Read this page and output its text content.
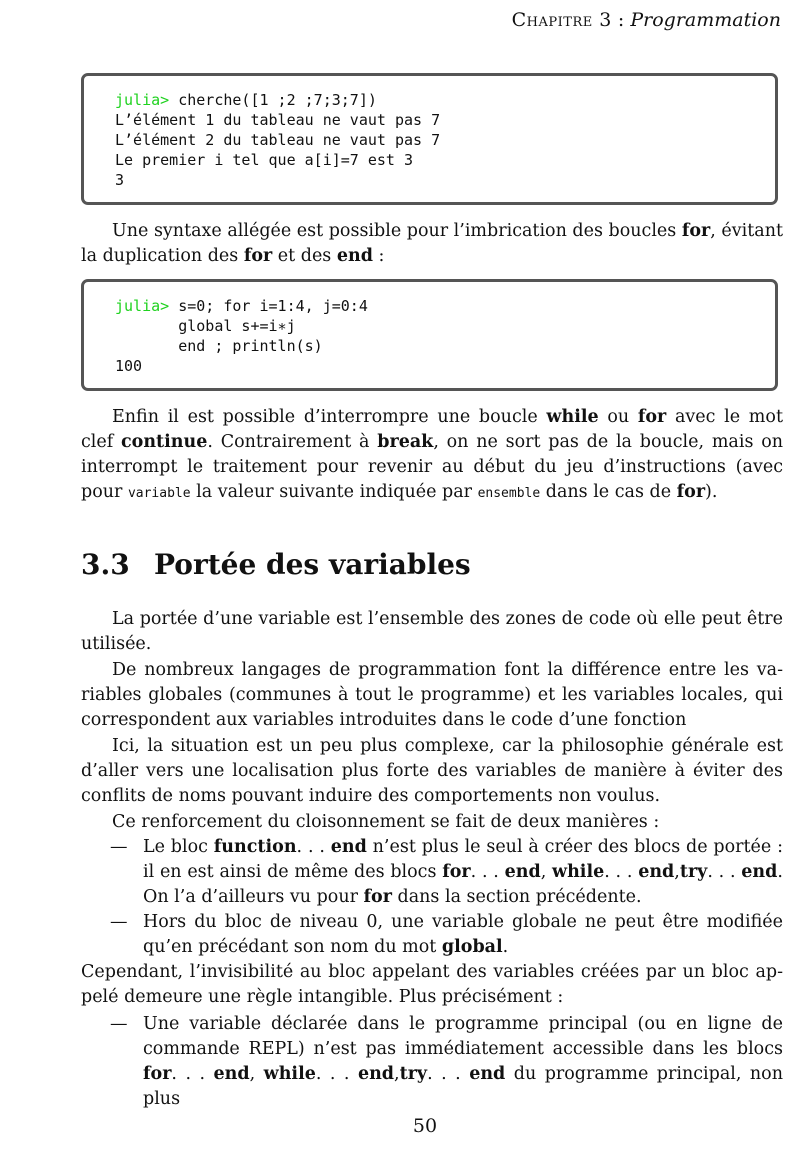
Chapitre 3 : Programmation
julia> cherche([1 ;2 ;7;3;7])
L’élément 1 du tableau ne vaut pas 7
L’élément 2 du tableau ne vaut pas 7
Le premier i tel que a[i]=7 est 3
3
Une syntaxe allégée est possible pour l’imbrication des boucles for, évitant
la duplication des for et des end :
julia> s=0; for i=1:4, j=0:4
global s+=i∗j
end ; println(s)
100
Enfin il est possible d’interrompre une boucle while ou for avec le mot
clef continue. Contrairement à break, on ne sort pas de la boucle, mais on
interrompt le traitement pour revenir au début du jeu d’instructions (avec
pour variable la valeur suivante indiquée par ensemble dans le cas de for).
3.3 Portée des variables
La portée d’une variable est l’ensemble des zones de code où elle peut être
utilisée.
De nombreux langages de programmation font la différence entre les va-
riables globales (communes à tout le programme) et les variables locales, qui
correspondent aux variables introduites dans le code d’une fonction
Ici, la situation est un peu plus complexe, car la philosophie générale est
d’aller vers une localisation plus forte des variables de manière à éviter des
conflits de noms pouvant induire des comportements non voulus.
Ce renforcement du cloisonnement se fait de deux manières :
— Le bloc function. . . end n’est plus le seul à créer des blocs de portée :
il en est ainsi de même des blocs for. . . end, while. . . end,try. . . end.
On l’a d’ailleurs vu pour for dans la section précédente.
— Hors du bloc de niveau 0, une variable globale ne peut être modifiée
qu’en précédant son nom du mot global.
Cependant, l’invisibilité au bloc appelant des variables créées par un bloc ap-
pelé demeure une règle intangible. Plus précisément :
— Une variable déclarée dans le programme principal (ou en ligne de
commande REPL) n’est pas immédiatement accessible dans les blocs
for. . . end, while. . . end,try. . . end du programme principal, non plus
50
